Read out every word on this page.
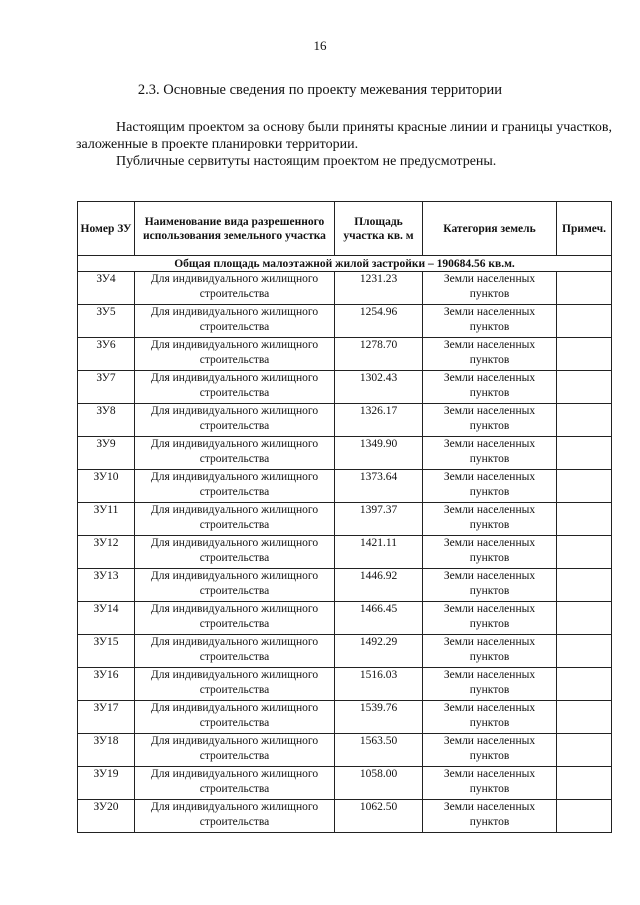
16
2.3. Основные сведения по проекту межевания территории

Настоящим проектом за основу были приняты красные линии и границы участков, заложенные в проекте планировки территории.

Публичные сервитуты настоящим проектом не предусмотрены.

Номер ЗУ	Наименование вида разрешенного использования земельного участка	Площадь участка кв. м	Категория земель	Примеч.
Общая площадь малоэтажной жилой застройки – 190684.56 кв.м.				
ЗУ4	Для индивидуального жилищного строительства	1231.23	Земли населенных пунктов	
ЗУ5	Для индивидуального жилищного строительства	1254.96	Земли населенных пунктов	
ЗУ6	Для индивидуального жилищного строительства	1278.70	Земли населенных пунктов	
ЗУ7	Для индивидуального жилищного строительства	1302.43	Земли населенных пунктов	
ЗУ8	Для индивидуального жилищного строительства	1326.17	Земли населенных пунктов	
ЗУ9	Для индивидуального жилищного строительства	1349.90	Земли населенных пунктов	
ЗУ10	Для индивидуального жилищного строительства	1373.64	Земли населенных пунктов	
ЗУ11	Для индивидуального жилищного строительства	1397.37	Земли населенных пунктов	
ЗУ12	Для индивидуального жилищного строительства	1421.11	Земли населенных пунктов	
ЗУ13	Для индивидуального жилищного строительства	1446.92	Земли населенных пунктов	
ЗУ14	Для индивидуального жилищного строительства	1466.45	Земли населенных пунктов	
ЗУ15	Для индивидуального жилищного строительства	1492.29	Земли населенных пунктов	
ЗУ16	Для индивидуального жилищного строительства	1516.03	Земли населенных пунктов	
ЗУ17	Для индивидуального жилищного строительства	1539.76	Земли населенных пунктов	
ЗУ18	Для индивидуального жилищного строительства	1563.50	Земли населенных пунктов	
ЗУ19	Для индивидуального жилищного строительства	1058.00	Земли населенных пунктов	
ЗУ20	Для индивидуального жилищного строительства	1062.50	Земли населенных пунктов	
